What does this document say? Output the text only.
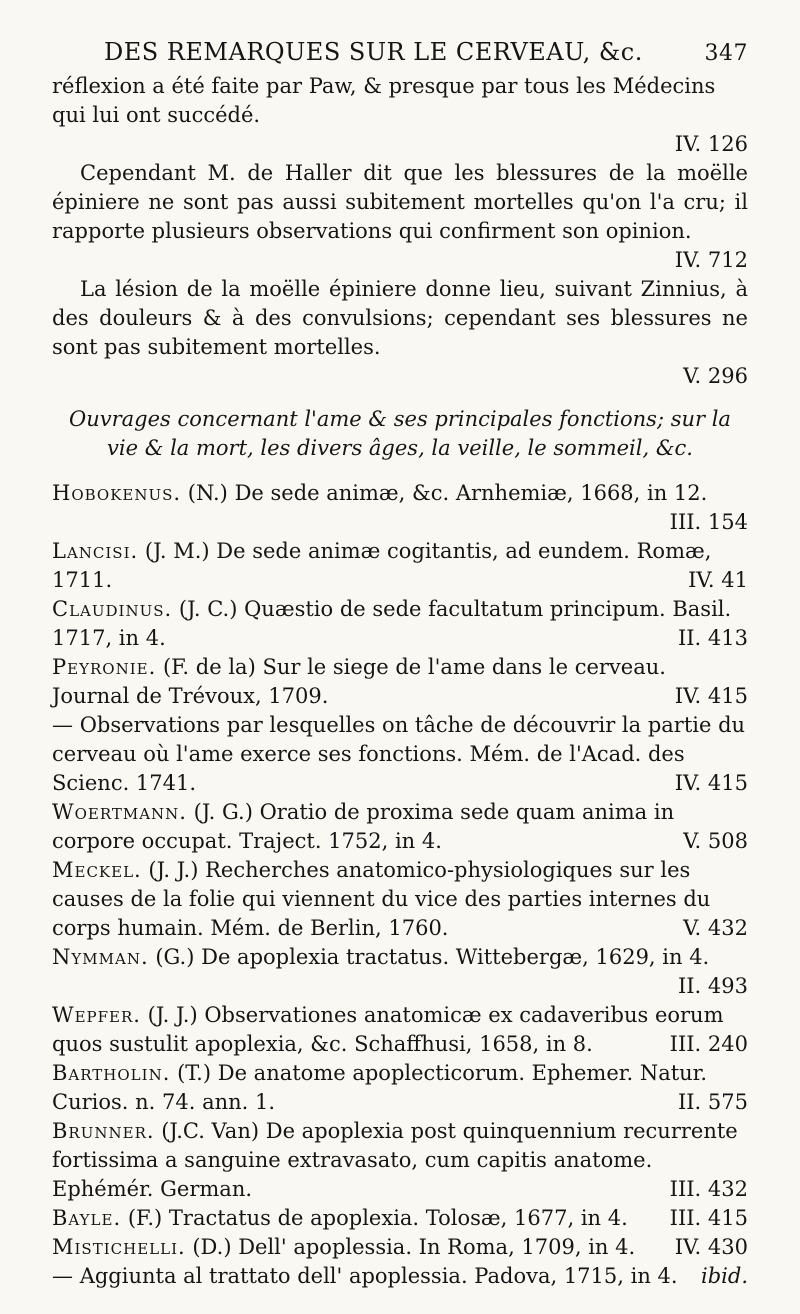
DES REMARQUES SUR LE CERVEAU, &c.	347

réflexion a été faite par Paw, & presque par tous les Médecins qui lui ont succédé.

IV. 126

Cependant M. de Haller dit que les blessures de la moëlle épiniere ne sont pas aussi subitement mortelles qu'on l'a cru; il rapporte plusieurs observations qui confirment son opinion.

IV. 712

La lésion de la moëlle épiniere donne lieu, suivant Zinnius, à des douleurs & à des convulsions; cependant ses blessures ne sont pas subitement mortelles.

V. 296

Ouvrages concernant l'ame & ses principales fonctions; sur la vie & la mort, les divers âges, la veille, le sommeil, &c.
Hobokenus. (N.) De sede animæ, &c. Arnhemiæ, 1668, in 12.
III. 154
Lancisi. (J. M.) De sede animæ cogitantis, ad eundem. Romæ, 1711.	IV. 41
Claudinus. (J. C.) Quæstio de sede facultatum principum. Basil. 1717, in 4.	II. 413
Peyronie. (F. de la) Sur le siege de l'ame dans le cerveau. Journal de Trévoux, 1709.	IV. 415
— Observations par lesquelles on tâche de découvrir la partie du cerveau où l'ame exerce ses fonctions. Mém. de l'Acad. des Scienc. 1741.	IV. 415
Woertmann. (J. G.) Oratio de proxima sede quam anima in corpore occupat. Traject. 1752, in 4.	V. 508
Meckel. (J. J.) Recherches anatomico-physiologiques sur les causes de la folie qui viennent du vice des parties internes du corps humain. Mém. de Berlin, 1760.	V. 432
Nymman. (G.) De apoplexia tractatus. Wittebergæ, 1629, in 4.
II. 493
Wepfer. (J. J.) Observationes anatomicæ ex cadaveribus eorum quos sustulit apoplexia, &c. Schaffhusi, 1658, in 8.	III. 240
Bartholin. (T.) De anatome apoplecticorum. Ephemer. Natur. Curios. n. 74. ann. 1.	II. 575
Brunner. (J.C. Van) De apoplexia post quinquennium recurrente fortissima a sanguine extravasato, cum capitis anatome. Ephémér. German.	III. 432
Bayle. (F.) Tractatus de apoplexia. Tolosæ, 1677, in 4. III. 415
Mistichelli. (D.) Dell' apoplessia. In Roma, 1709, in 4. IV. 430
— Aggiunta al trattato dell' apoplessia. Padova, 1715, in 4. ibid.
